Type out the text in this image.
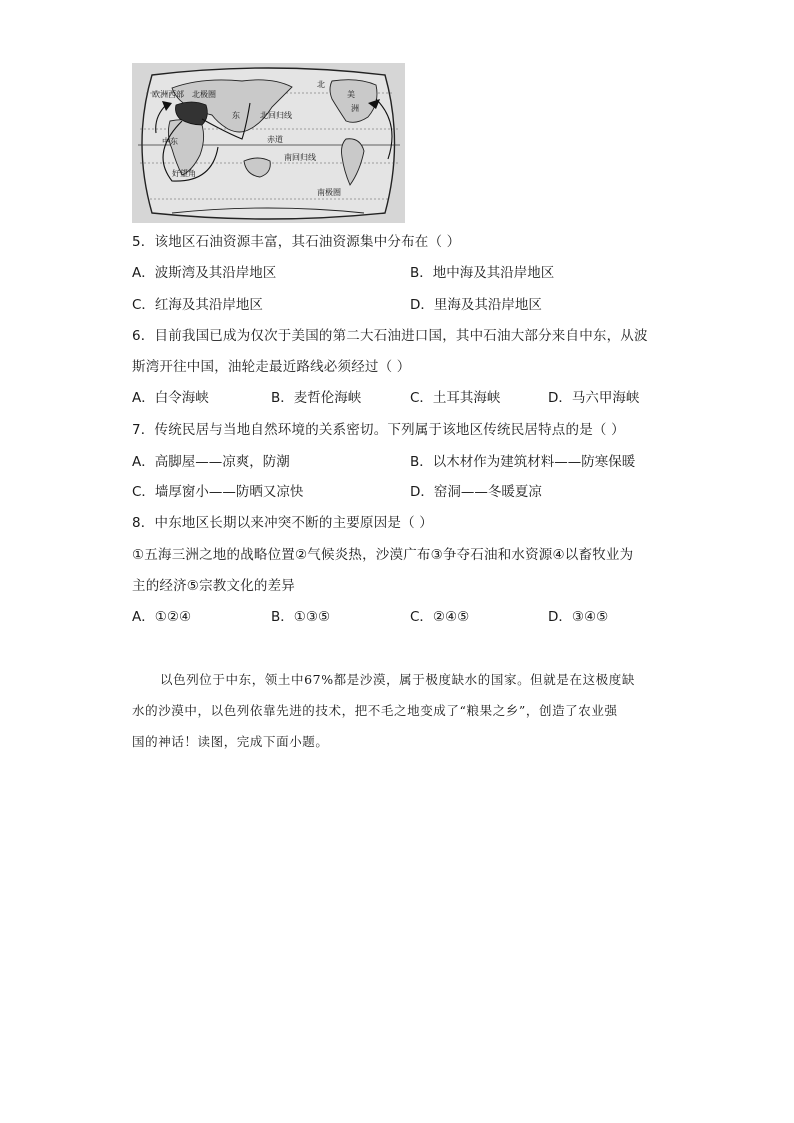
欧洲西部 北极圈
北
美
洲
北回归线
东
中东	赤道
南回归线
好望角
南极圈
5．该地区石油资源丰富，其石油资源集中分布在（ ）
A．波斯湾及其沿岸地区	B．地中海及其沿岸地区
C．红海及其沿岸地区	D．里海及其沿岸地区
6．目前我国已成为仅次于美国的第二大石油进口国，其中石油大部分来自中东，从波
斯湾开往中国，油轮走最近路线必须经过（ ）
A．白令海峡	B．麦哲伦海峡	C．土耳其海峡	D．马六甲海峡
7．传统民居与当地自然环境的关系密切。下列属于该地区传统民居特点的是（ ）
A．高脚屋——凉爽，防潮	B．以木材作为建筑材料——防寒保暖
C．墙厚窗小——防晒又凉快	D．窑洞——冬暖夏凉
8．中东地区长期以来冲突不断的主要原因是（ ）
①五海三洲之地的战略位置②气候炎热，沙漠广布③争夺石油和水资源④以畜牧业为
主的经济⑤宗教文化的差异
A．①②④	B．①③⑤	C．②④⑤	D．③④⑤
以色列位于中东，领土中67%都是沙漠，属于极度缺水的国家。但就是在这极度缺
水的沙漠中，以色列依靠先进的技术，把不毛之地变成了“粮果之乡”，创造了农业强
国的神话！读图，完成下面小题。
